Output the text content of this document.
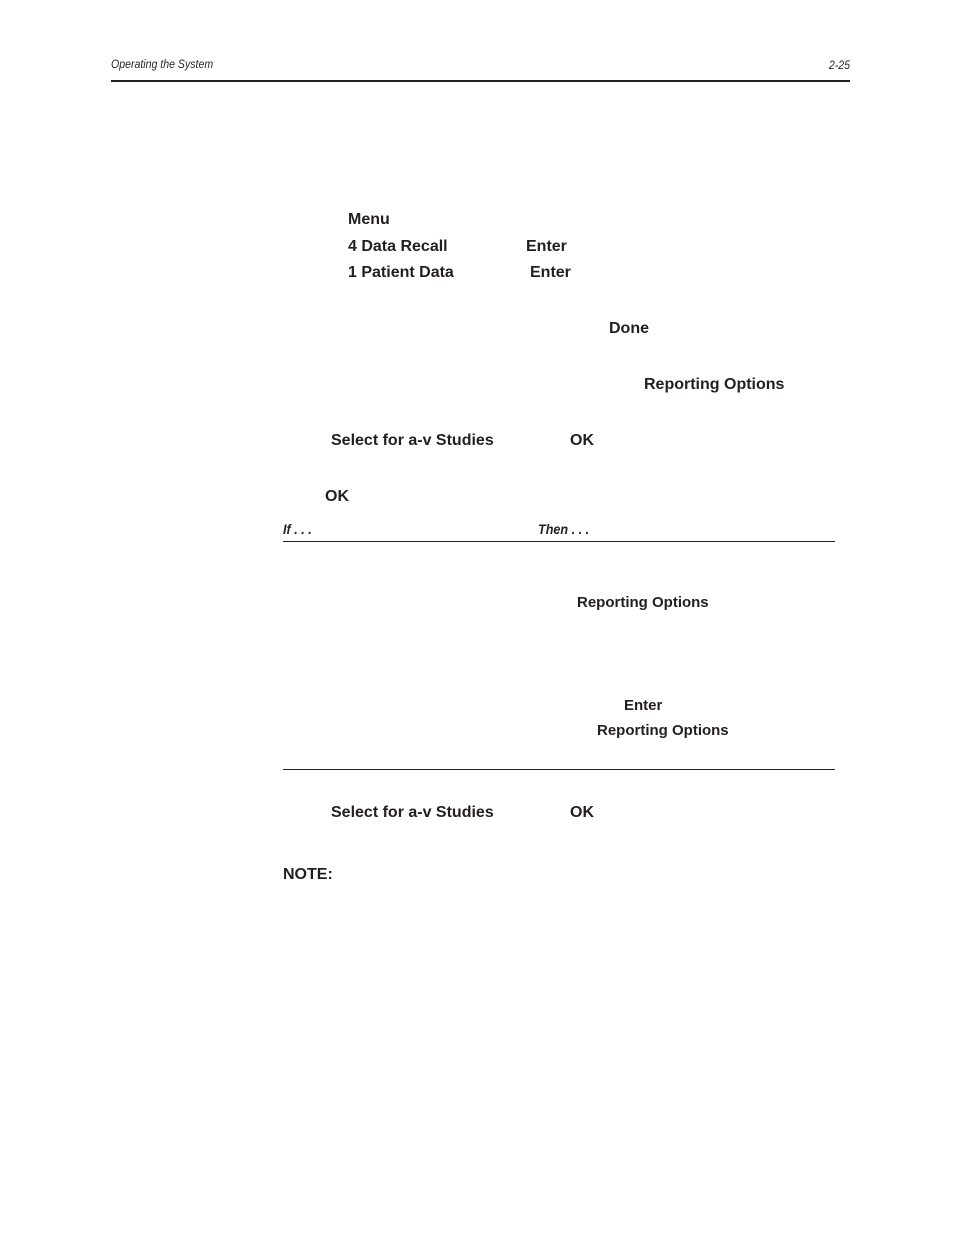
Operating the System	2-25
Menu
4 Data Recall	Enter
1 Patient Data	Enter
Done
Reporting Options
Select for a-v Studies	OK
OK
If . . .	Then . . .
Reporting Options
Enter
Reporting Options
Select for a-v Studies	OK
NOTE:
